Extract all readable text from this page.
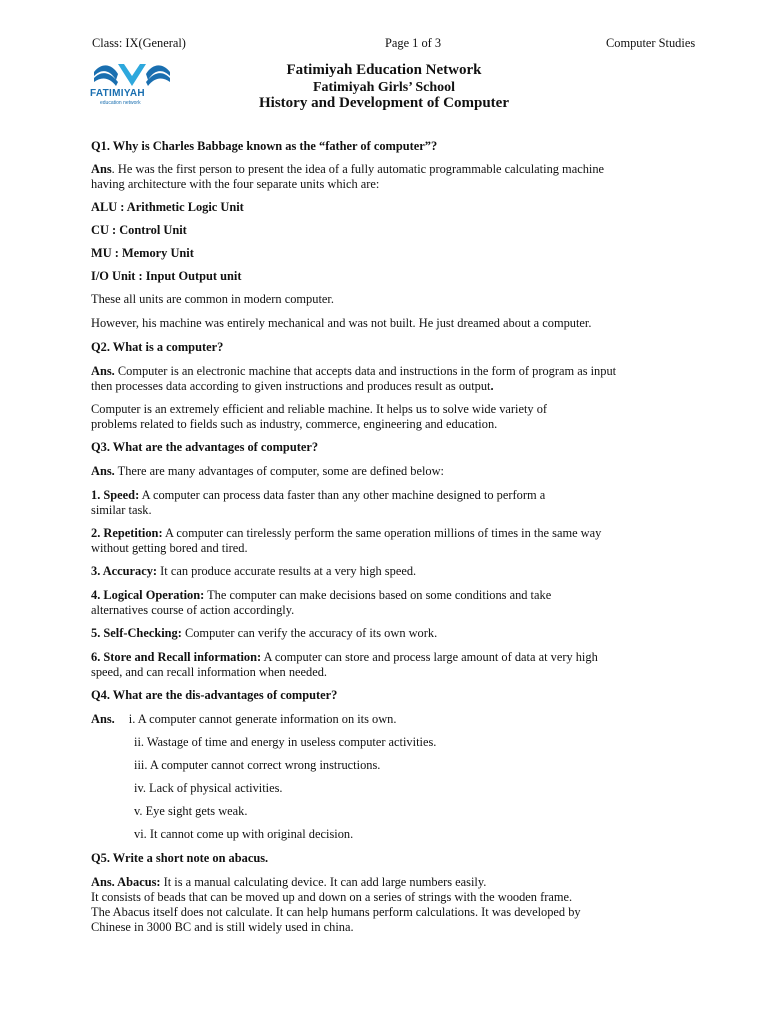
Class: IX(General)	Page 1 of 3	Computer Studies
FATIMIYAH
education network
Fatimiyah Education Network
Fatimiyah Girls’ School
History and Development of Computer

Q1. Why is Charles Babbage known as the “father of computer”?

Ans. He was the first person to present the idea of a fully automatic programmable calculating machine

having architecture with the four separate units which are:

ALU : Arithmetic Logic Unit

CU : Control Unit

MU : Memory Unit

I/O Unit : Input Output unit

These all units are common in modern computer.

However, his machine was entirely mechanical and was not built. He just dreamed about a computer.

Q2. What is a computer?

Ans. Computer is an electronic machine that accepts data and instructions in the form of program as input

then processes data according to given instructions and produces result as output.

Computer is an extremely efficient and reliable machine. It helps us to solve wide variety of

problems related to fields such as industry, commerce, engineering and education.

Q3. What are the advantages of computer?

Ans. There are many advantages of computer, some are defined below:

1. Speed: A computer can process data faster than any other machine designed to perform a

similar task.

2. Repetition: A computer can tirelessly perform the same operation millions of times in the same way

without getting bored and tired.

3. Accuracy: It can produce accurate results at a very high speed.

4. Logical Operation: The computer can make decisions based on some conditions and take

alternatives course of action accordingly.

5. Self-Checking: Computer can verify the accuracy of its own work.

6. Store and Recall information: A computer can store and process large amount of data at very high

speed, and can recall information when needed.

Q4. What are the dis-advantages of computer?

Ans. i. A computer cannot generate information on its own.

ii. Wastage of time and energy in useless computer activities.

iii. A computer cannot correct wrong instructions.

iv. Lack of physical activities.

v. Eye sight gets weak.

vi. It cannot come up with original decision.

Q5. Write a short note on abacus.

Ans. Abacus: It is a manual calculating device. It can add large numbers easily.

It consists of beads that can be moved up and down on a series of strings with the wooden frame.

The Abacus itself does not calculate. It can help humans perform calculations. It was developed by

Chinese in 3000 BC and is still widely used in china.
